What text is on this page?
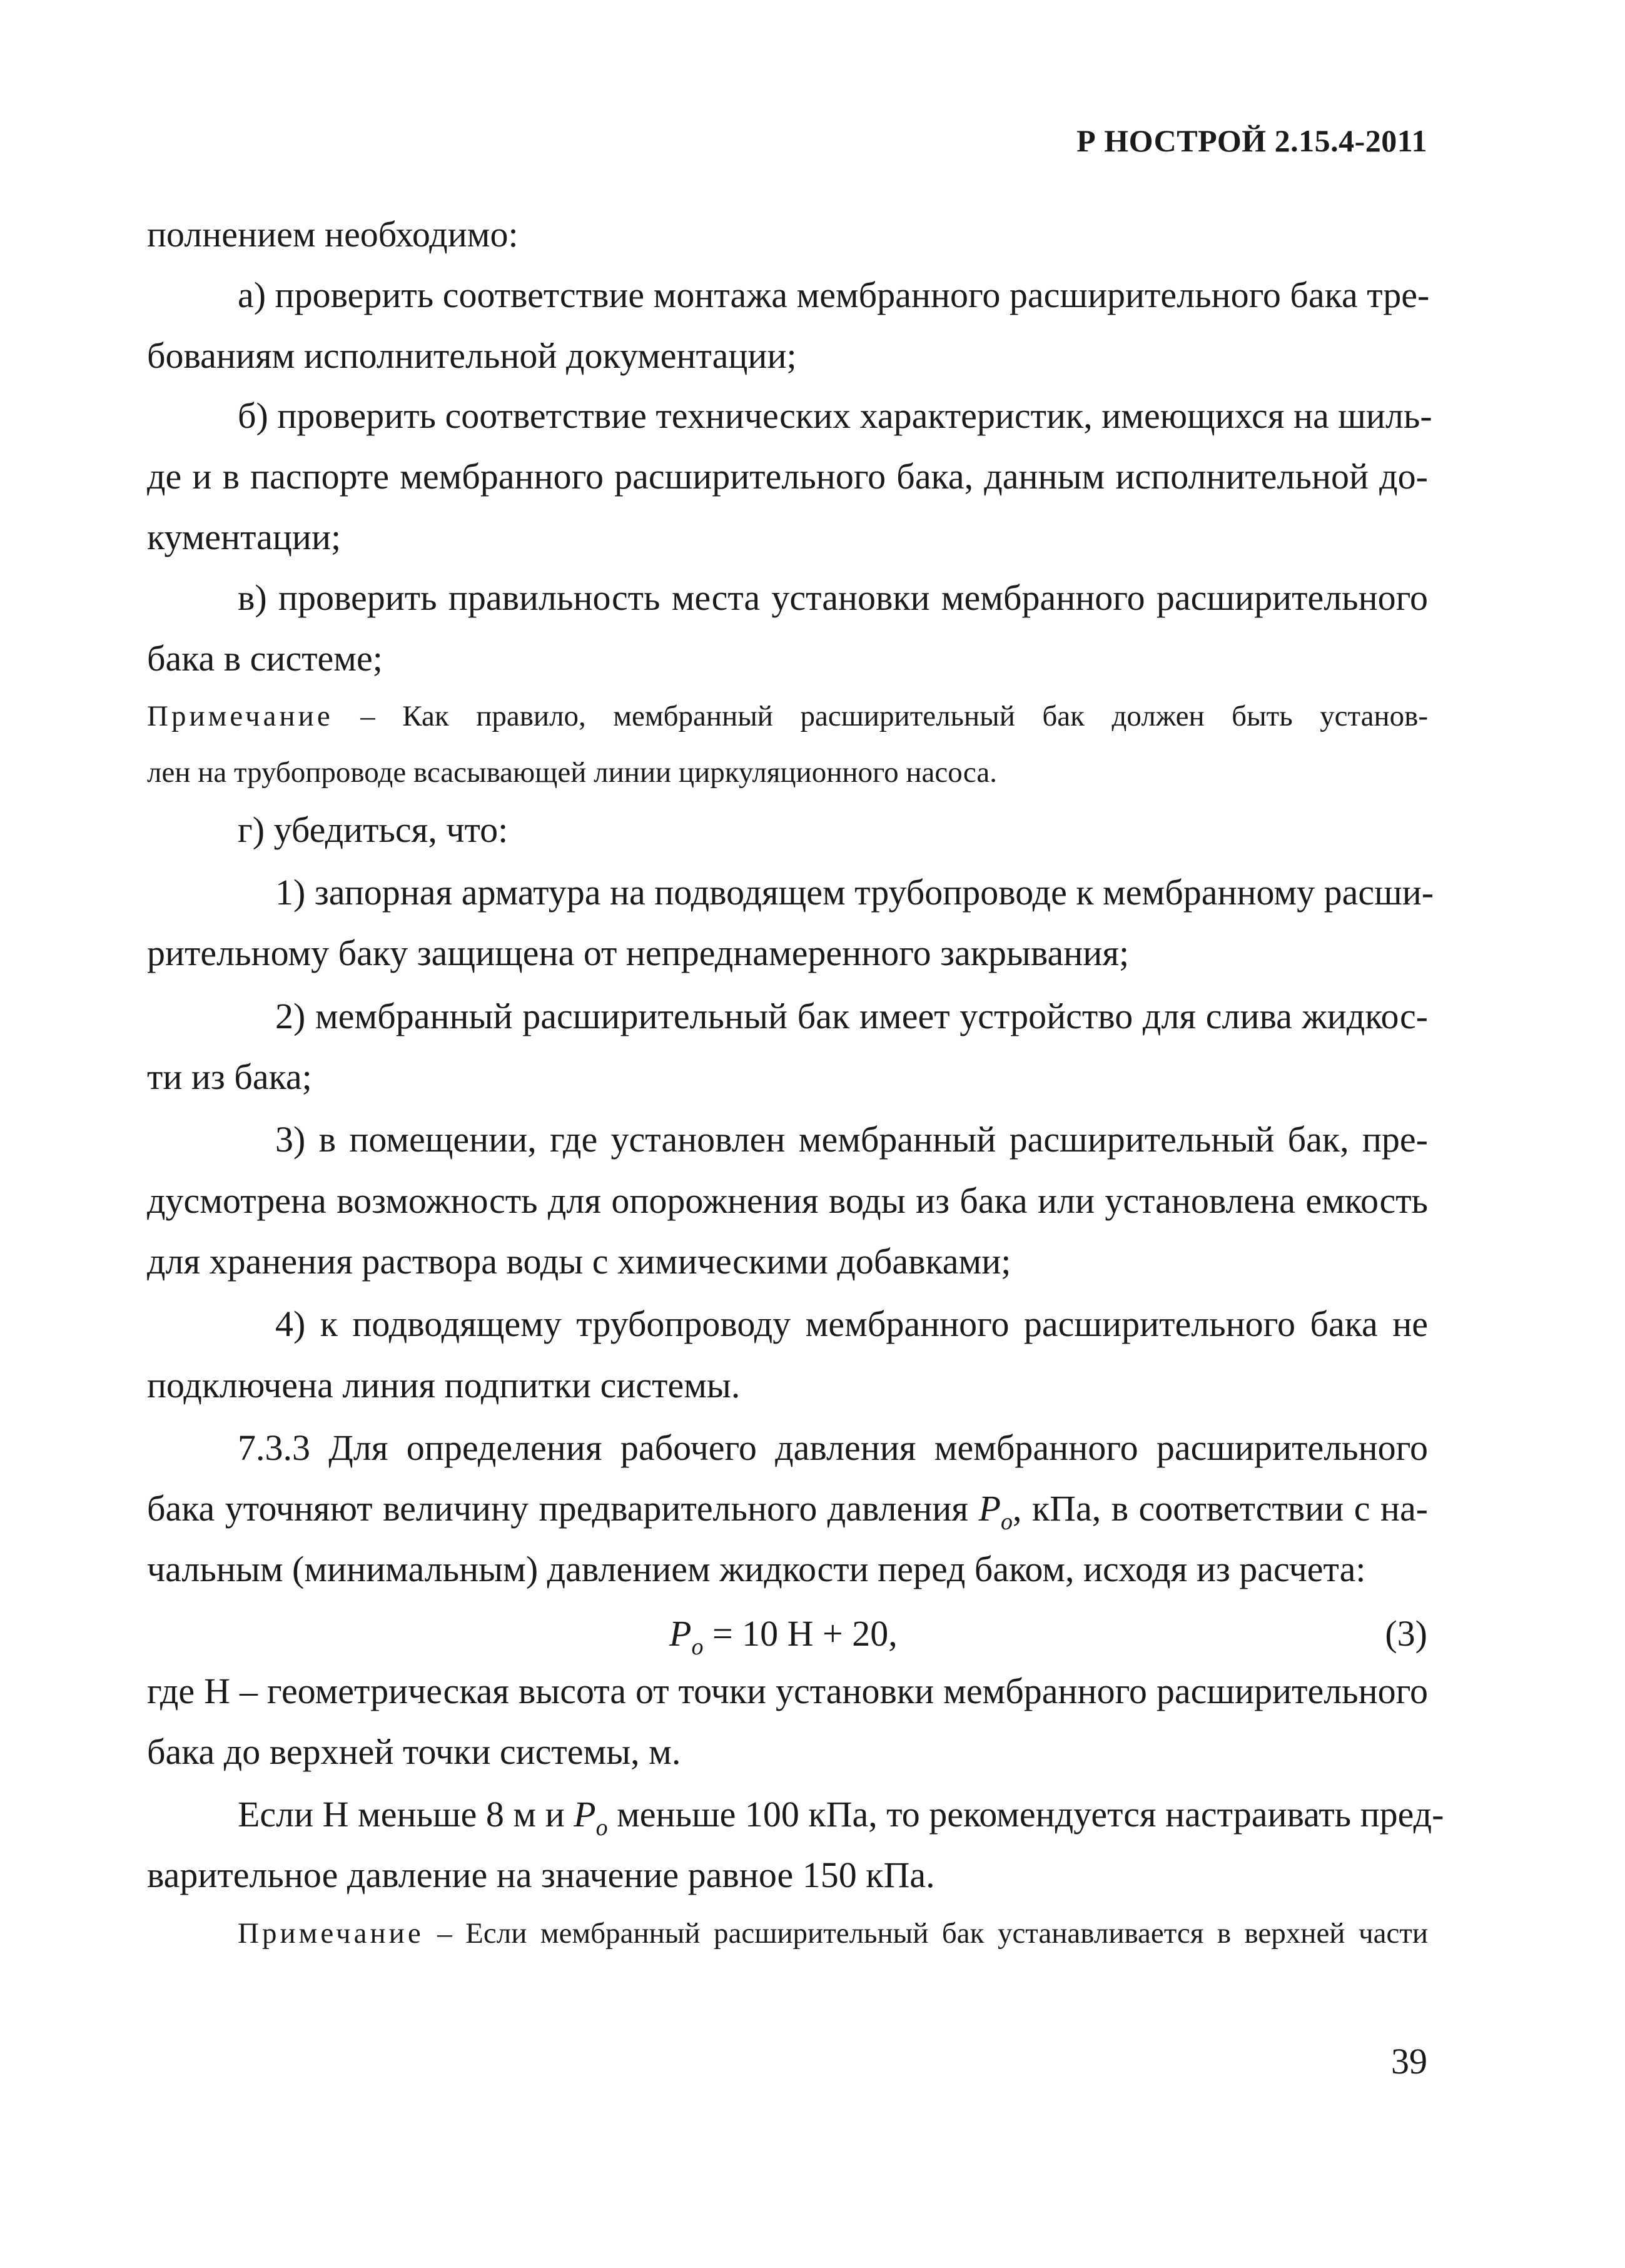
Р НОСТРОЙ 2.15.4-2011
полнением необходимо:
а) проверить соответствие монтажа мембранного расширительного бака тре-
бованиям исполнительной документации;
б) проверить соответствие технических характеристик, имеющихся на шиль-
де и в паспорте мембранного расширительного бака, данным исполнительной до-
кументации;
в) проверить правильность места установки мембранного расширительного
бака в системе;
Примечание – Как правило, мембранный расширительный бак должен быть установ-
лен на трубопроводе всасывающей линии циркуляционного насоса.
г) убедиться, что:
1) запорная арматура на подводящем трубопроводе к мембранному расши-
рительному баку защищена от непреднамеренного закрывания;
2) мембранный расширительный бак имеет устройство для слива жидкос-
ти из бака;
3) в помещении, где установлен мембранный расширительный бак, пре-
дусмотрена возможность для опорожнения воды из бака или установлена емкость
для хранения раствора воды с химическими добавками;
4) к подводящему трубопроводу мембранного расширительного бака не
подключена линия подпитки системы.
7.3.3 Для определения рабочего давления мембранного расширительного
бака уточняют величину предварительного давления $P_o$, кПа, в соответствии с на-
чальным (минимальным) давлением жидкости перед баком, исходя из расчета:
$P_o = 10$ Н + 20,	(3)
где Н – геометрическая высота от точки установки мембранного расширительного
бака до верхней точки системы, м.
Если Н меньше 8 м и $P_o$ меньше 100 кПа, то рекомендуется настраивать пред-
варительное давление на значение равное 150 кПа.
Примечание – Если мембранный расширительный бак устанавливается в верхней части
39
